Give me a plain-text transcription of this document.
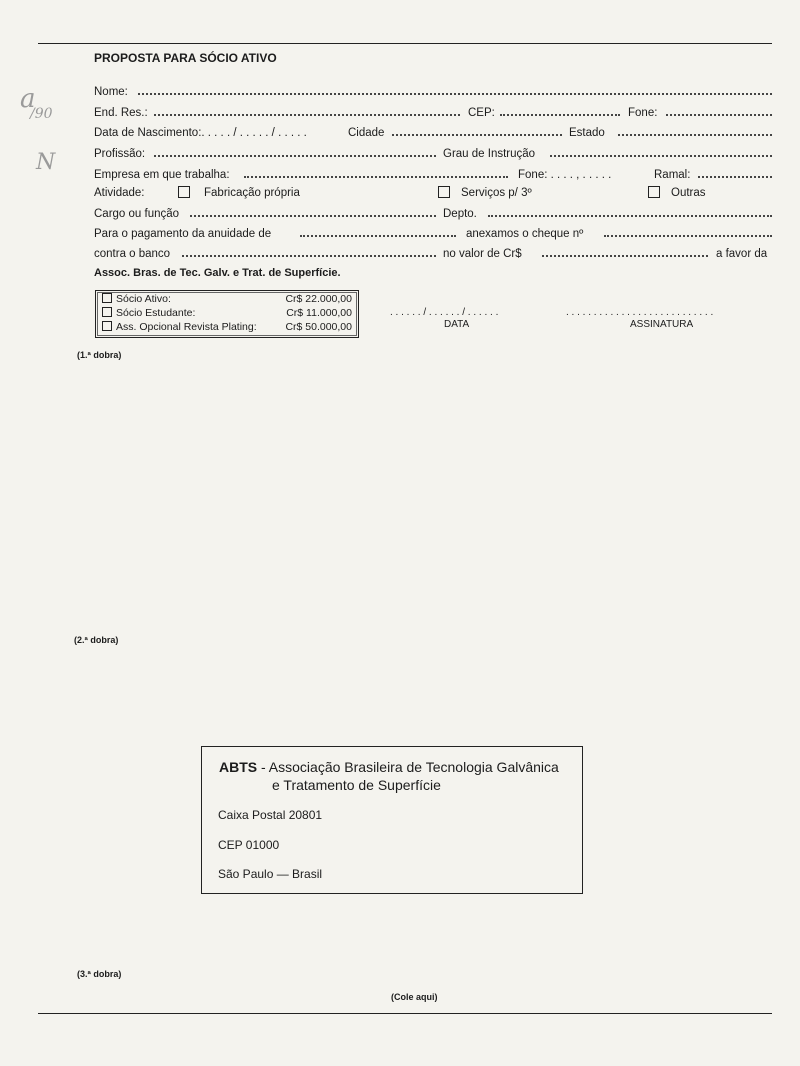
a
/90
N
PROPOSTA PARA SÓCIO ATIVO
Nome:
End. Res.:	CEP:	Fone:
Data de Nascimento:. . . . . / . . . . . / . . . . .	Cidade	Estado
Profissão:	Grau de Instrução
Empresa em que trabalha:	Fone: . . . . , . . . . .	Ramal:
Atividade:	Fabricação própria	Serviços p/ 3º	Outras
Cargo ou função	Depto.
Para o pagamento da anuidade de	anexamos o cheque nº
contra o banco	no valor de Cr$	a favor da
Assoc. Bras. de Tec. Galv. e Trat. de Superfície.
Sócio Ativo:	Cr$ 22.000,00
Sócio Estudante:	Cr$ 11.000,00
Ass. Opcional Revista Plating:	Cr$ 50.000,00
. . . . . . / . . . . . . / . . . . . .
DATA
. . . . . . . . . . . . . . . . . . . . . . . . . . .
ASSINATURA
(1.ª dobra)
(2.ª dobra)
(3.ª dobra)
(Cole aqui)
ABTS - Associação Brasileira de Tecnologia Galvânica
e Tratamento de Superfície
Caixa Postal 20801
CEP 01000
São Paulo — Brasil
